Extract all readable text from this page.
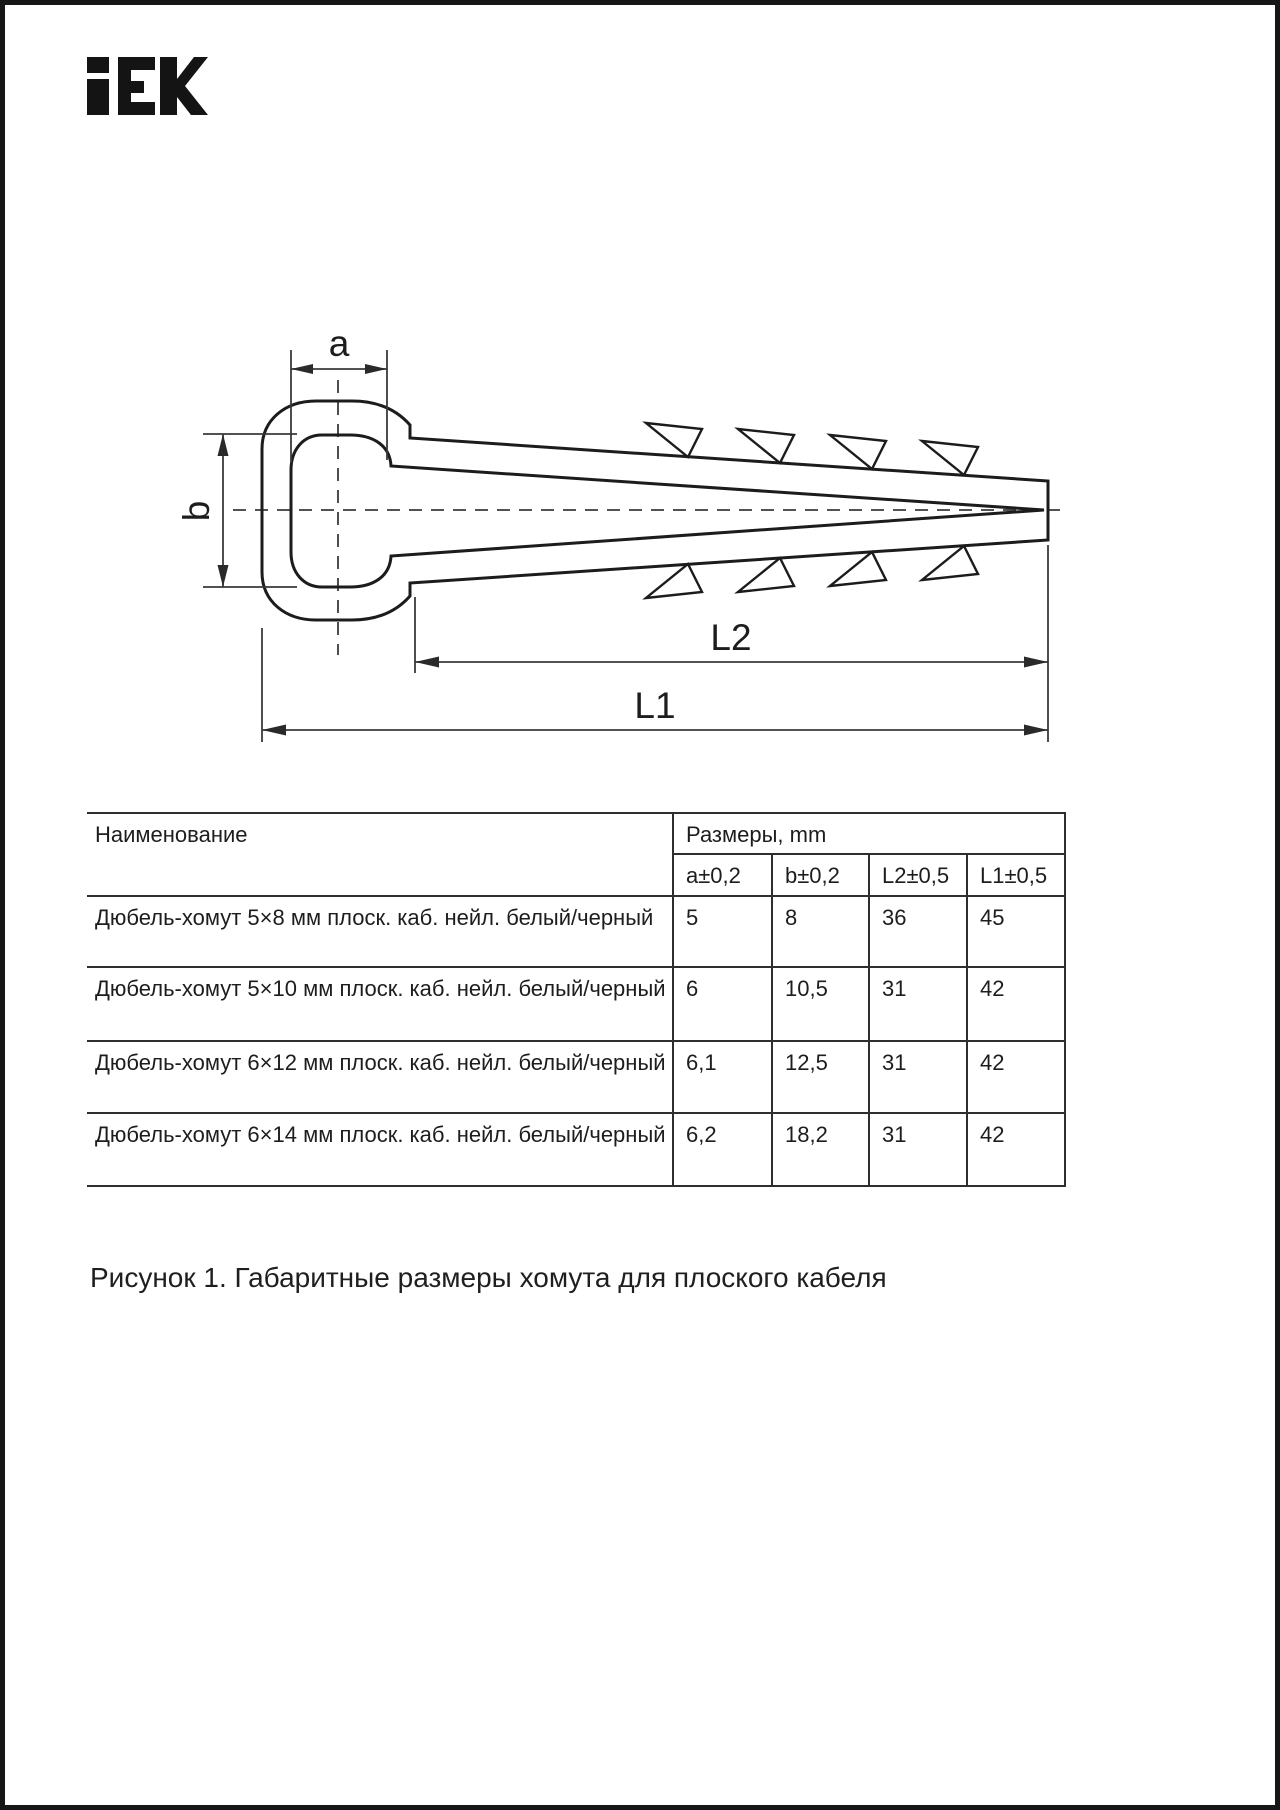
a
b
L2
L1
Наименование	Размеры, mm			
	a±0,2	b±0,2	L2±0,5	L1±0,5
Дюбель-хомут 5×8 мм плоск. каб. нейл. белый/черный	5	8	36	45
Дюбель-хомут 5×10 мм плоск. каб. нейл. белый/черный	6	10,5	31	42
Дюбель-хомут 6×12 мм плоск. каб. нейл. белый/черный	6,1	12,5	31	42
Дюбель-хомут 6×14 мм плоск. каб. нейл. белый/черный	6,2	18,2	31	42
Рисунок 1. Габаритные размеры хомута для плоского кабеля
